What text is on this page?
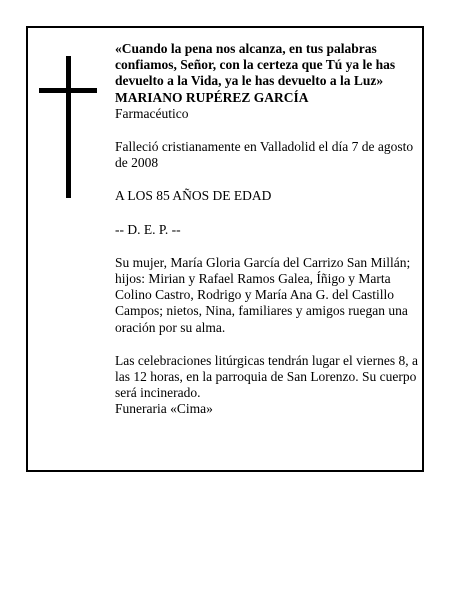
«Cuando la pena nos alcanza, en tus palabras confiamos, Señor, con la certeza que Tú ya le has devuelto a la Vida, ya le has devuelto a la Luz»

MARIANO RUPÉREZ GARCÍA

Farmacéutico

Falleció cristianamente en Valladolid el día 7 de agosto de 2008

A LOS 85 AÑOS DE EDAD

-- D. E. P. --

Su mujer, María Gloria García del Carrizo San Millán; hijos: Mirian y Rafael Ramos Galea, Íñigo y Marta Colino Castro, Rodrigo y María Ana G. del Castillo Campos; nietos, Nina, familiares y amigos ruegan una oración por su alma.

Las celebraciones litúrgicas tendrán lugar el viernes 8, a las 12 horas, en la parroquia de San Lorenzo. Su cuerpo será incinerado.

Funeraria «Cima»
